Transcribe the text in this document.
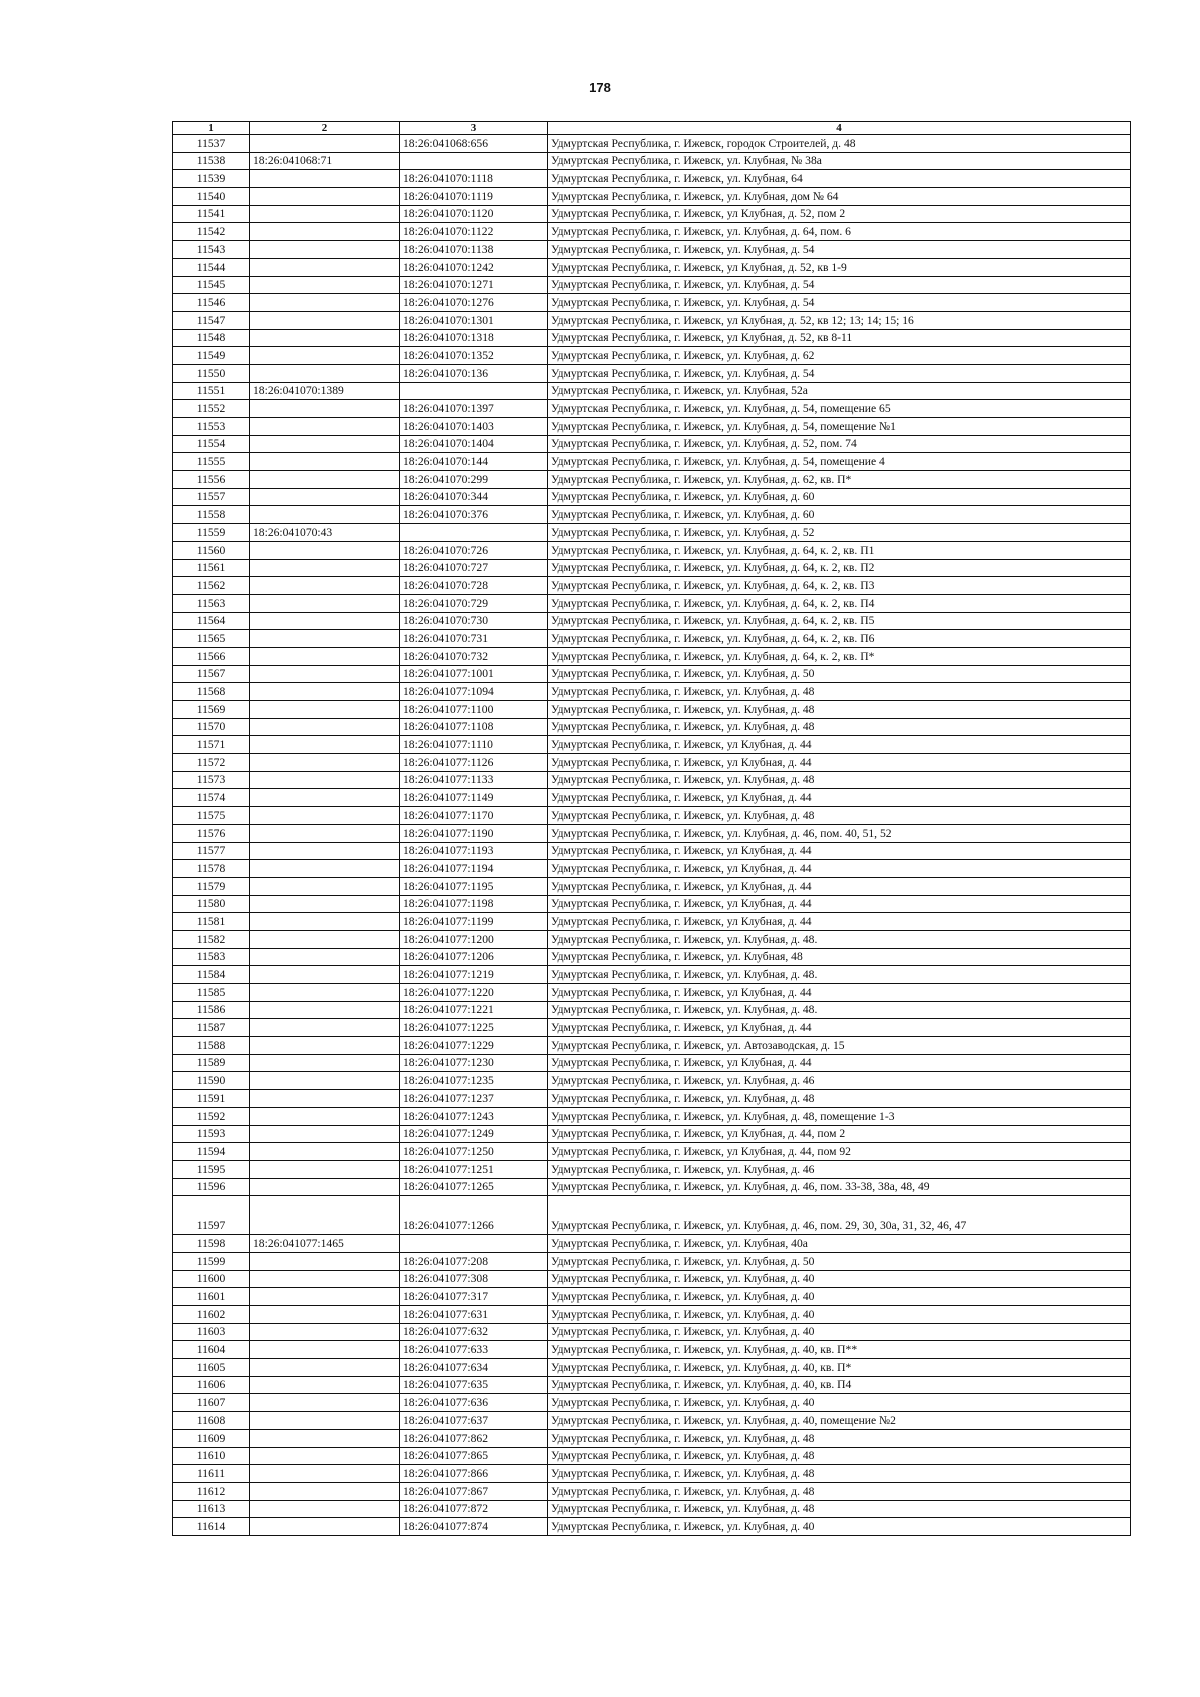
178
1	2	3	4
11537		18:26:041068:656	Удмуртская Республика, г. Ижевск, городок Строителей, д. 48
11538	18:26:041068:71		Удмуртская Республика, г. Ижевск, ул. Клубная, № 38а
11539		18:26:041070:1118	Удмуртская Республика, г. Ижевск, ул. Клубная, 64
11540		18:26:041070:1119	Удмуртская Республика, г. Ижевск, ул. Клубная, дом № 64
11541		18:26:041070:1120	Удмуртская Республика, г. Ижевск, ул Клубная, д. 52, пом 2
11542		18:26:041070:1122	Удмуртская Республика, г. Ижевск, ул. Клубная, д. 64, пом. 6
11543		18:26:041070:1138	Удмуртская Республика, г. Ижевск, ул. Клубная, д. 54
11544		18:26:041070:1242	Удмуртская Республика, г. Ижевск, ул Клубная, д. 52, кв 1-9
11545		18:26:041070:1271	Удмуртская Республика, г. Ижевск, ул. Клубная, д. 54
11546		18:26:041070:1276	Удмуртская Республика, г. Ижевск, ул. Клубная, д. 54
11547		18:26:041070:1301	Удмуртская Республика, г. Ижевск, ул Клубная, д. 52, кв 12; 13; 14; 15; 16
11548		18:26:041070:1318	Удмуртская Республика, г. Ижевск, ул Клубная, д. 52, кв 8-11
11549		18:26:041070:1352	Удмуртская Республика, г. Ижевск, ул. Клубная, д. 62
11550		18:26:041070:136	Удмуртская Республика, г. Ижевск, ул. Клубная, д. 54
11551	18:26:041070:1389		Удмуртская Республика, г. Ижевск, ул. Клубная, 52а
11552		18:26:041070:1397	Удмуртская Республика, г. Ижевск, ул. Клубная, д. 54, помещение 65
11553		18:26:041070:1403	Удмуртская Республика, г. Ижевск, ул. Клубная, д. 54, помещение №1
11554		18:26:041070:1404	Удмуртская Республика, г. Ижевск, ул. Клубная, д. 52, пом. 74
11555		18:26:041070:144	Удмуртская Республика, г. Ижевск, ул. Клубная, д. 54, помещение 4
11556		18:26:041070:299	Удмуртская Республика, г. Ижевск, ул. Клубная, д. 62, кв. П*
11557		18:26:041070:344	Удмуртская Республика, г. Ижевск, ул. Клубная, д. 60
11558		18:26:041070:376	Удмуртская Республика, г. Ижевск, ул. Клубная, д. 60
11559	18:26:041070:43		Удмуртская Республика, г. Ижевск, ул. Клубная, д. 52
11560		18:26:041070:726	Удмуртская Республика, г. Ижевск, ул. Клубная, д. 64, к. 2, кв. П1
11561		18:26:041070:727	Удмуртская Республика, г. Ижевск, ул. Клубная, д. 64, к. 2, кв. П2
11562		18:26:041070:728	Удмуртская Республика, г. Ижевск, ул. Клубная, д. 64, к. 2, кв. П3
11563		18:26:041070:729	Удмуртская Республика, г. Ижевск, ул. Клубная, д. 64, к. 2, кв. П4
11564		18:26:041070:730	Удмуртская Республика, г. Ижевск, ул. Клубная, д. 64, к. 2, кв. П5
11565		18:26:041070:731	Удмуртская Республика, г. Ижевск, ул. Клубная, д. 64, к. 2, кв. П6
11566		18:26:041070:732	Удмуртская Республика, г. Ижевск, ул. Клубная, д. 64, к. 2, кв. П*
11567		18:26:041077:1001	Удмуртская Республика, г. Ижевск, ул. Клубная, д. 50
11568		18:26:041077:1094	Удмуртская Республика, г. Ижевск, ул. Клубная, д. 48
11569		18:26:041077:1100	Удмуртская Республика, г. Ижевск, ул. Клубная, д. 48
11570		18:26:041077:1108	Удмуртская Республика, г. Ижевск, ул. Клубная, д. 48
11571		18:26:041077:1110	Удмуртская Республика, г. Ижевск, ул Клубная, д. 44
11572		18:26:041077:1126	Удмуртская Республика, г. Ижевск, ул Клубная, д. 44
11573		18:26:041077:1133	Удмуртская Республика, г. Ижевск, ул. Клубная, д. 48
11574		18:26:041077:1149	Удмуртская Республика, г. Ижевск, ул Клубная, д. 44
11575		18:26:041077:1170	Удмуртская Республика, г. Ижевск, ул. Клубная, д. 48
11576		18:26:041077:1190	Удмуртская Республика, г. Ижевск, ул. Клубная, д. 46, пом. 40, 51, 52
11577		18:26:041077:1193	Удмуртская Республика, г. Ижевск, ул Клубная, д. 44
11578		18:26:041077:1194	Удмуртская Республика, г. Ижевск, ул Клубная, д. 44
11579		18:26:041077:1195	Удмуртская Республика, г. Ижевск, ул Клубная, д. 44
11580		18:26:041077:1198	Удмуртская Республика, г. Ижевск, ул Клубная, д. 44
11581		18:26:041077:1199	Удмуртская Республика, г. Ижевск, ул Клубная, д. 44
11582		18:26:041077:1200	Удмуртская Республика, г. Ижевск, ул. Клубная, д. 48.
11583		18:26:041077:1206	Удмуртская Республика, г. Ижевск, ул. Клубная, 48
11584		18:26:041077:1219	Удмуртская Республика, г. Ижевск, ул. Клубная, д. 48.
11585		18:26:041077:1220	Удмуртская Республика, г. Ижевск, ул Клубная, д. 44
11586		18:26:041077:1221	Удмуртская Республика, г. Ижевск, ул. Клубная, д. 48.
11587		18:26:041077:1225	Удмуртская Республика, г. Ижевск, ул Клубная, д. 44
11588		18:26:041077:1229	Удмуртская Республика, г. Ижевск, ул. Автозаводская, д. 15
11589		18:26:041077:1230	Удмуртская Республика, г. Ижевск, ул Клубная, д. 44
11590		18:26:041077:1235	Удмуртская Республика, г. Ижевск, ул. Клубная, д. 46
11591		18:26:041077:1237	Удмуртская Республика, г. Ижевск, ул. Клубная, д. 48
11592		18:26:041077:1243	Удмуртская Республика, г. Ижевск, ул. Клубная, д. 48, помещение 1-3
11593		18:26:041077:1249	Удмуртская Республика, г. Ижевск, ул Клубная, д. 44, пом 2
11594		18:26:041077:1250	Удмуртская Республика, г. Ижевск, ул Клубная, д. 44, пом 92
11595		18:26:041077:1251	Удмуртская Республика, г. Ижевск, ул. Клубная, д. 46
11596		18:26:041077:1265	Удмуртская Республика, г. Ижевск, ул. Клубная, д. 46, пом. 33-38, 38а, 48, 49
11597		18:26:041077:1266	Удмуртская Республика, г. Ижевск, ул. Клубная, д. 46, пом. 29, 30, 30а, 31, 32, 46, 47
11598	18:26:041077:1465		Удмуртская Республика, г. Ижевск, ул. Клубная, 40а
11599		18:26:041077:208	Удмуртская Республика, г. Ижевск, ул. Клубная, д. 50
11600		18:26:041077:308	Удмуртская Республика, г. Ижевск, ул. Клубная, д. 40
11601		18:26:041077:317	Удмуртская Республика, г. Ижевск, ул. Клубная, д. 40
11602		18:26:041077:631	Удмуртская Республика, г. Ижевск, ул. Клубная, д. 40
11603		18:26:041077:632	Удмуртская Республика, г. Ижевск, ул. Клубная, д. 40
11604		18:26:041077:633	Удмуртская Республика, г. Ижевск, ул. Клубная, д. 40, кв. П**
11605		18:26:041077:634	Удмуртская Республика, г. Ижевск, ул. Клубная, д. 40, кв. П*
11606		18:26:041077:635	Удмуртская Республика, г. Ижевск, ул. Клубная, д. 40, кв. П4
11607		18:26:041077:636	Удмуртская Республика, г. Ижевск, ул. Клубная, д. 40
11608		18:26:041077:637	Удмуртская Республика, г. Ижевск, ул. Клубная, д. 40, помещение №2
11609		18:26:041077:862	Удмуртская Республика, г. Ижевск, ул. Клубная, д. 48
11610		18:26:041077:865	Удмуртская Республика, г. Ижевск, ул. Клубная, д. 48
11611		18:26:041077:866	Удмуртская Республика, г. Ижевск, ул. Клубная, д. 48
11612		18:26:041077:867	Удмуртская Республика, г. Ижевск, ул. Клубная, д. 48
11613		18:26:041077:872	Удмуртская Республика, г. Ижевск, ул. Клубная, д. 48
11614		18:26:041077:874	Удмуртская Республика, г. Ижевск, ул. Клубная, д. 40
